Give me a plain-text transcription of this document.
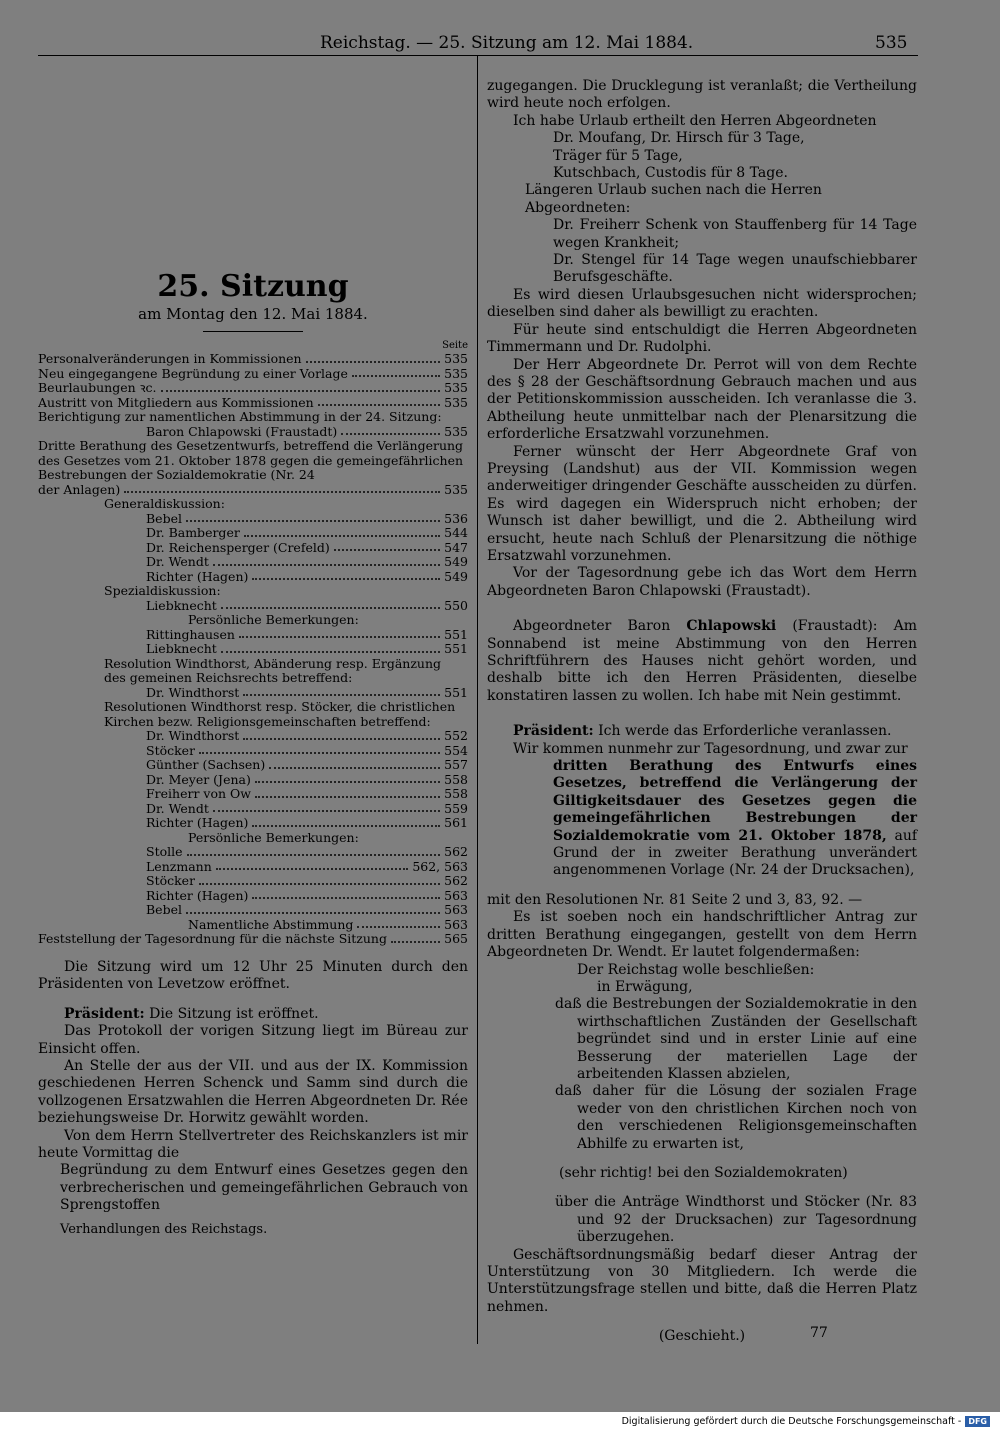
Reichstag. — 25. Sitzung am 12. Mai 1884.	535
25. Sitzung
am Montag den 12. Mai 1884.
Seite
Personalveränderungen in Kommissionen	535
Neu eingegangene Begründung zu einer Vorlage	535
Beurlaubungen ꝛc.	535
Austritt von Mitgliedern aus Kommissionen	535
Berichtigung zur namentlichen Abstimmung in der 24. Sitzung:
Baron Chlapowski (Fraustadt)	535
Dritte Berathung des Gesetzentwurfs, betreffend die Verlängerung
des Gesetzes vom 21. Oktober 1878 gegen die gemeingefährlichen Bestrebungen der Sozialdemokratie (Nr. 24
der Anlagen)	535
Generaldiskussion:
Bebel	536
Dr. Bamberger	544
Dr. Reichensperger (Crefeld)	547
Dr. Wendt	549
Richter (Hagen)	549
Spezialdiskussion:
Liebknecht	550
Persönliche Bemerkungen:
Rittinghausen	551
Liebknecht	551
Resolution Windthorst, Abänderung resp. Ergänzung
des gemeinen Reichsrechts betreffend:
Dr. Windthorst	551
Resolutionen Windthorst resp. Stöcker, die christlichen
Kirchen bezw. Religionsgemeinschaften betreffend:
Dr. Windthorst	552
Stöcker	554
Günther (Sachsen)	557
Dr. Meyer (Jena)	558
Freiherr von Ow	558
Dr. Wendt	559
Richter (Hagen)	561
Persönliche Bemerkungen:
Stolle	562
Lenzmann	562, 563
Stöcker	562
Richter (Hagen)	563
Bebel	563
Namentliche Abstimmung	563
Feststellung der Tagesordnung für die nächste Sitzung	565

Die Sitzung wird um 12 Uhr 25 Minuten durch den Präsidenten von Levetzow eröffnet.

Präsident: Die Sitzung ist eröffnet.

Das Protokoll der vorigen Sitzung liegt im Büreau zur Einsicht offen.

An Stelle der aus der VII. und aus der IX. Kommission geschiedenen Herren Schenck und Samm sind durch die vollzogenen Ersatzwahlen die Herren Abgeordneten Dr. Rée beziehungsweise Dr. Horwitz gewählt worden.

Von dem Herrn Stellvertreter des Reichskanzlers ist mir heute Vormittag die

Begründung zu dem Entwurf eines Gesetzes gegen den verbrecherischen und gemeingefährlichen Gebrauch von Sprengstoffen

Verhandlungen des Reichstags.

zugegangen. Die Drucklegung ist veranlaßt; die Vertheilung wird heute noch erfolgen.

Ich habe Urlaub ertheilt den Herren Abgeordneten

Dr. Moufang, Dr. Hirsch für 3 Tage,

Träger für 5 Tage,

Kutschbach, Custodis für 8 Tage.

Längeren Urlaub suchen nach die Herren Abgeordneten:

Dr. Freiherr Schenk von Stauffenberg für 14 Tage wegen Krankheit;

Dr. Stengel für 14 Tage wegen unaufschiebbarer Berufsgeschäfte.

Es wird diesen Urlaubsgesuchen nicht widersprochen; dieselben sind daher als bewilligt zu erachten.

Für heute sind entschuldigt die Herren Abgeordneten Timmermann und Dr. Rudolphi.

Der Herr Abgeordnete Dr. Perrot will von dem Rechte des § 28 der Geschäftsordnung Gebrauch machen und aus der Petitionskommission ausscheiden. Ich veranlasse die 3. Abtheilung heute unmittelbar nach der Plenarsitzung die erforderliche Ersatzwahl vorzunehmen.

Ferner wünscht der Herr Abgeordnete Graf von Preysing (Landshut) aus der VII. Kommission wegen anderweitiger dringender Geschäfte ausscheiden zu dürfen. Es wird dagegen ein Widerspruch nicht erhoben; der Wunsch ist daher bewilligt, und die 2. Abtheilung wird ersucht, heute nach Schluß der Plenarsitzung die nöthige Ersatzwahl vorzunehmen.

Vor der Tagesordnung gebe ich das Wort dem Herrn Abgeordneten Baron Chlapowski (Fraustadt).

Abgeordneter Baron Chlapowski (Fraustadt): Am Sonnabend ist meine Abstimmung von den Herren Schriftführern des Hauses nicht gehört worden, und deshalb bitte ich den Herren Präsidenten, dieselbe konstatiren lassen zu wollen. Ich habe mit Nein gestimmt.

Präsident: Ich werde das Erforderliche veranlassen.

Wir kommen nunmehr zur Tagesordnung, und zwar zur

dritten Berathung des Entwurfs eines Gesetzes, betreffend die Verlängerung der Giltigkeitsdauer des Gesetzes gegen die gemeingefährlichen Bestrebungen der Sozialdemokratie vom 21. Oktober 1878, auf Grund der in zweiter Berathung unverändert angenommenen Vorlage (Nr. 24 der Drucksachen),

mit den Resolutionen Nr. 81 Seite 2 und 3, 83, 92. —

Es ist soeben noch ein handschriftlicher Antrag zur dritten Berathung eingegangen, gestellt von dem Herrn Abgeordneten Dr. Wendt. Er lautet folgendermaßen:

Der Reichstag wolle beschließen:

in Erwägung,

daß die Bestrebungen der Sozialdemokratie in den wirthschaftlichen Zuständen der Gesellschaft begründet sind und in erster Linie auf eine Besserung der materiellen Lage der arbeitenden Klassen abzielen,

daß daher für die Lösung der sozialen Frage weder von den christlichen Kirchen noch von den verschiedenen Religionsgemeinschaften Abhilfe zu erwarten ist,

(sehr richtig! bei den Sozialdemokraten)

über die Anträge Windthorst und Stöcker (Nr. 83 und 92 der Drucksachen) zur Tagesordnung überzugehen.

Geschäftsordnungsmäßig bedarf dieser Antrag der Unterstützung von 30 Mitgliedern. Ich werde die Unterstützungsfrage stellen und bitte, daß die Herren Platz nehmen.

(Geschieht.)	77
Digitalisierung gefördert durch die Deutsche Forschungsgemeinschaft - DFG
